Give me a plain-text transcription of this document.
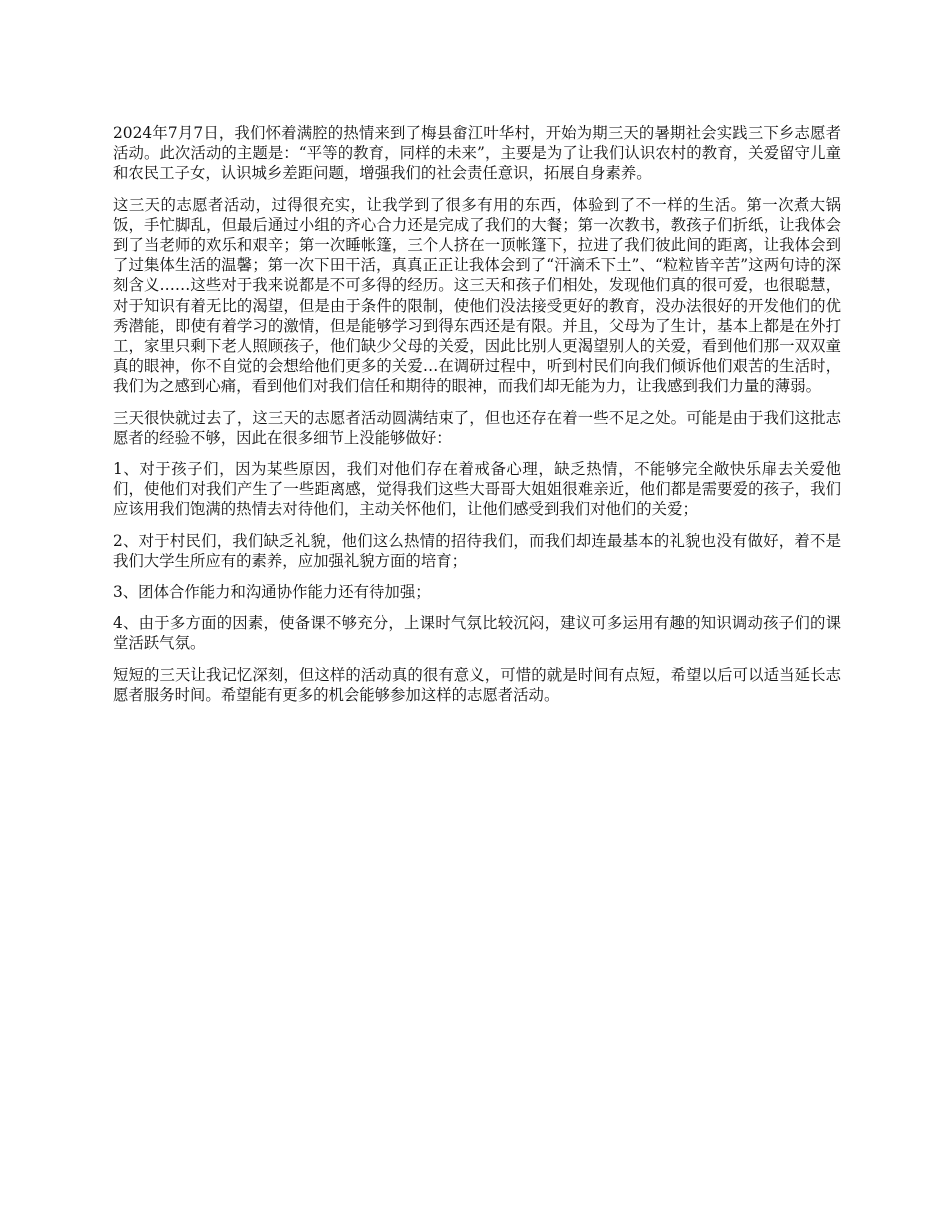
2024年7月7日，我们怀着满腔的热情来到了梅县畲江叶华村，开始为期三天的暑期社会实践三下乡志愿者活动。此次活动的主题是：“平等的教育，同样的未来”，主要是为了让我们认识农村的教育，关爱留守儿童和农民工子女，认识城乡差距问题，增强我们的社会责任意识，拓展自身素养。

这三天的志愿者活动，过得很充实，让我学到了很多有用的东西，体验到了不一样的生活。第一次煮大锅饭，手忙脚乱，但最后通过小组的齐心合力还是完成了我们的大餐；第一次教书，教孩子们折纸，让我体会到了当老师的欢乐和艰辛；第一次睡帐篷，三个人挤在一顶帐篷下，拉进了我们彼此间的距离，让我体会到了过集体生活的温馨；第一次下田干活，真真正正让我体会到了“汗滴禾下土”、“粒粒皆辛苦”这两句诗的深刻含义……这些对于我来说都是不可多得的经历。这三天和孩子们相处，发现他们真的很可爱，也很聪慧，对于知识有着无比的渴望，但是由于条件的限制，使他们没法接受更好的教育，没办法很好的开发他们的优秀潜能，即使有着学习的激情，但是能够学习到得东西还是有限。并且，父母为了生计，基本上都是在外打工，家里只剩下老人照顾孩子，他们缺少父母的关爱，因此比别人更渴望别人的关爱，看到他们那一双双童真的眼神，你不自觉的会想给他们更多的关爱…在调研过程中，听到村民们向我们倾诉他们艰苦的生活时，我们为之感到心痛，看到他们对我们信任和期待的眼神，而我们却无能为力，让我感到我们力量的薄弱。

三天很快就过去了，这三天的志愿者活动圆满结束了，但也还存在着一些不足之处。可能是由于我们这批志愿者的经验不够，因此在很多细节上没能够做好：

1、对于孩子们，因为某些原因，我们对他们存在着戒备心理，缺乏热情，不能够完全敞快乐扉去关爱他们，使他们对我们产生了一些距离感，觉得我们这些大哥哥大姐姐很难亲近，他们都是需要爱的孩子，我们应该用我们饱满的热情去对待他们，主动关怀他们，让他们感受到我们对他们的关爱；

2、对于村民们，我们缺乏礼貌，他们这么热情的招待我们，而我们却连最基本的礼貌也没有做好，着不是我们大学生所应有的素养，应加强礼貌方面的培育；

3、团体合作能力和沟通协作能力还有待加强；

4、由于多方面的因素，使备课不够充分，上课时气氛比较沉闷，建议可多运用有趣的知识调动孩子们的课堂活跃气氛。

短短的三天让我记忆深刻，但这样的活动真的很有意义，可惜的就是时间有点短，希望以后可以适当延长志愿者服务时间。希望能有更多的机会能够参加这样的志愿者活动。
